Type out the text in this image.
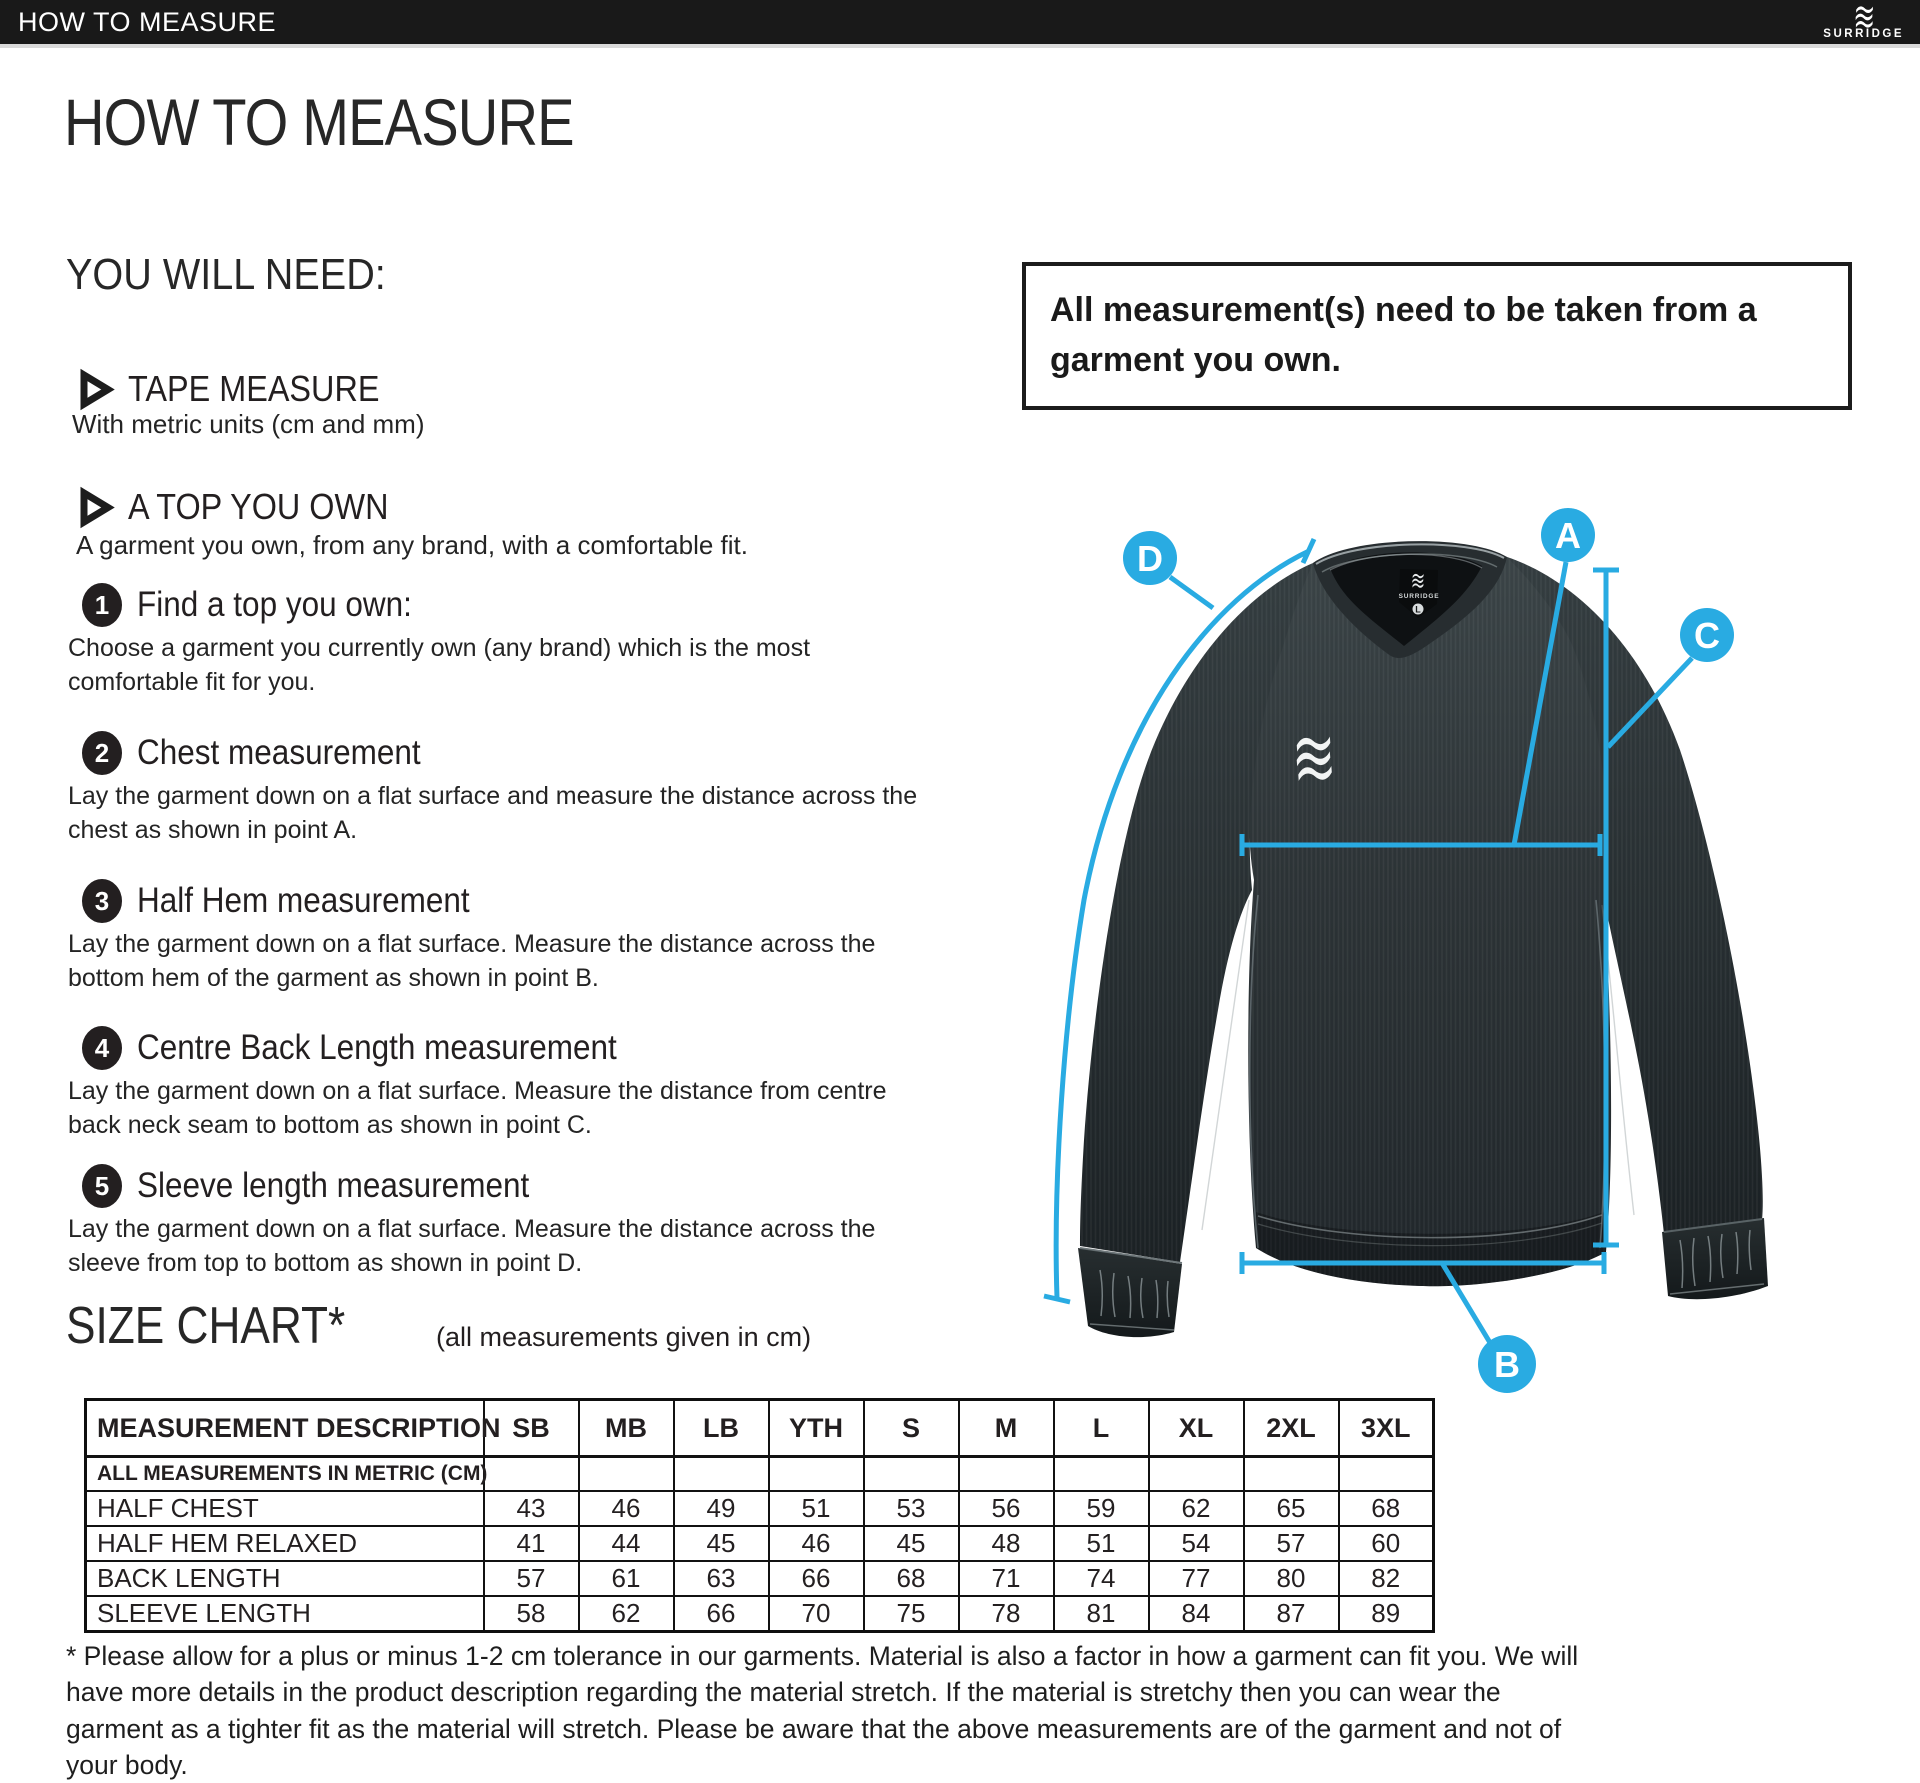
HOW TO MEASURE	SURRIDGE
HOW TO MEASURE
YOU WILL NEED:
TAPE MEASURE
With metric units (cm and mm)
A TOP YOU OWN
A garment you own, from any brand, with a comfortable fit.
1 Find a top you own:
Choose a garment you currently own (any brand) which is the most comfortable fit for you.
2 Chest measurement
Lay the garment down on a flat surface and measure the distance across the chest as shown in point A.
3 Half Hem measurement
Lay the garment down on a flat surface. Measure the distance across the bottom hem of the garment as shown in point B.
4 Centre Back Length measurement
Lay the garment down on a flat surface. Measure the distance from centre back neck seam to bottom as shown in point C.
5 Sleeve length measurement
Lay the garment down on a flat surface. Measure the distance across the sleeve from top to bottom as shown in point D.
All measurement(s) need to be taken from a garment you own.
SURRIDGE
L
A
C
D
B
SIZE CHART*	(all measurements given in cm)
MEASUREMENT DESCRIPTION	SB	MB	LB	YTH	S	M	L	XL	2XL	3XL
ALL MEASUREMENTS IN METRIC (CM)										
HALF CHEST	43	46	49	51	53	56	59	62	65	68
HALF HEM RELAXED	41	44	45	46	45	48	51	54	57	60
BACK LENGTH	57	61	63	66	68	71	74	77	80	82
SLEEVE LENGTH	58	62	66	70	75	78	81	84	87	89
* Please allow for a plus or minus 1-2 cm tolerance in our garments. Material is also a factor in how a garment can fit you. We will have more details in the product description regarding the material stretch. If the material is stretchy then you can wear the garment as a tighter fit as the material will stretch. Please be aware that the above measurements are of the garment and not of your body.
